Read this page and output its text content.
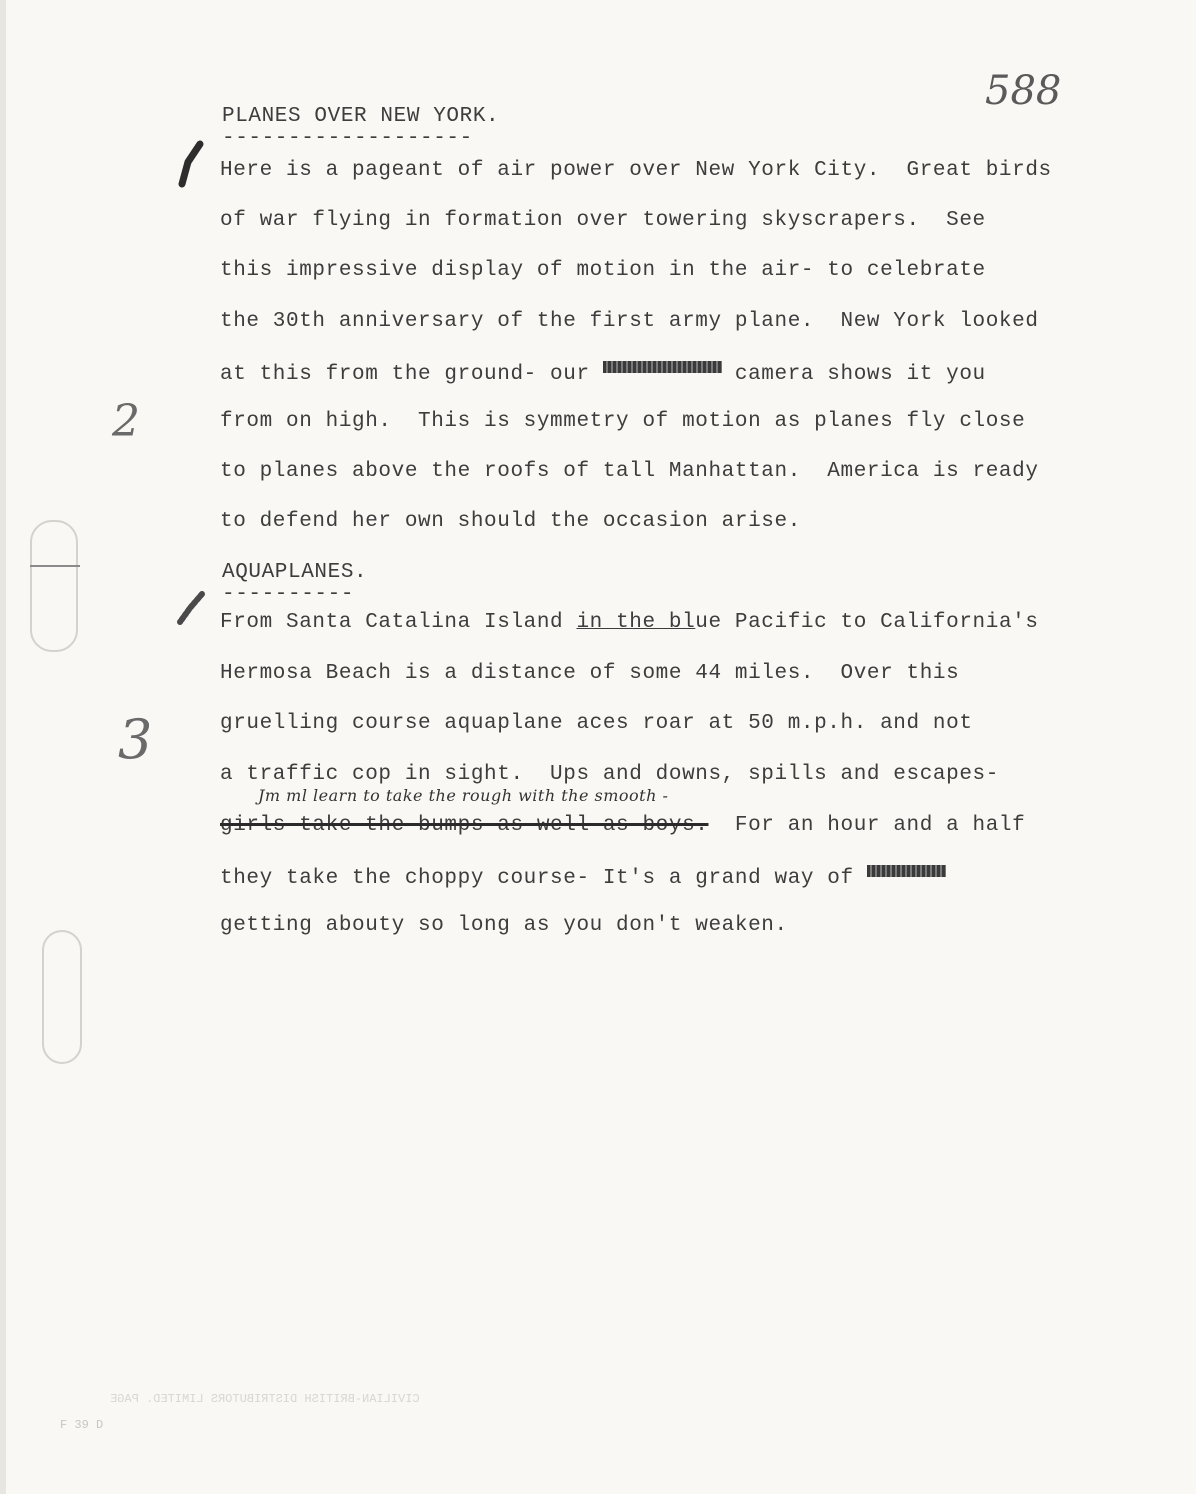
588
PLANES OVER NEW YORK.
-------------------
Here is a pageant of air power over New York City.  Great birds
of war flying in formation over towering skyscrapers.  See
this impressive display of motion in the air- to celebrate
the 30th anniversary of the first army plane.  New York looked
at this from the ground- our	camera shows it you
from on high.  This is symmetry of motion as planes fly close
to planes above the roofs of tall Manhattan.  America is ready
to defend her own should the occasion arise.
2
AQUAPLANES.
----------
From Santa Catalina Island in the blue Pacific to California's
Hermosa Beach is a distance of some 44 miles.  Over this
gruelling course aquaplane aces roar at 50 m.p.h. and not
a traffic cop in sight.  Ups and downs, spills and escapes-
Jm ml learn to take the rough with the smooth -
girls take the bumps as well as boys.  For an hour and a half
they take the choppy course- It's a grand way of
getting abouty so long as you don't weaken.
3
CIVILIAN-BRITISH DISTRIBUTORS LIMITED. PAGE
F 39 D
